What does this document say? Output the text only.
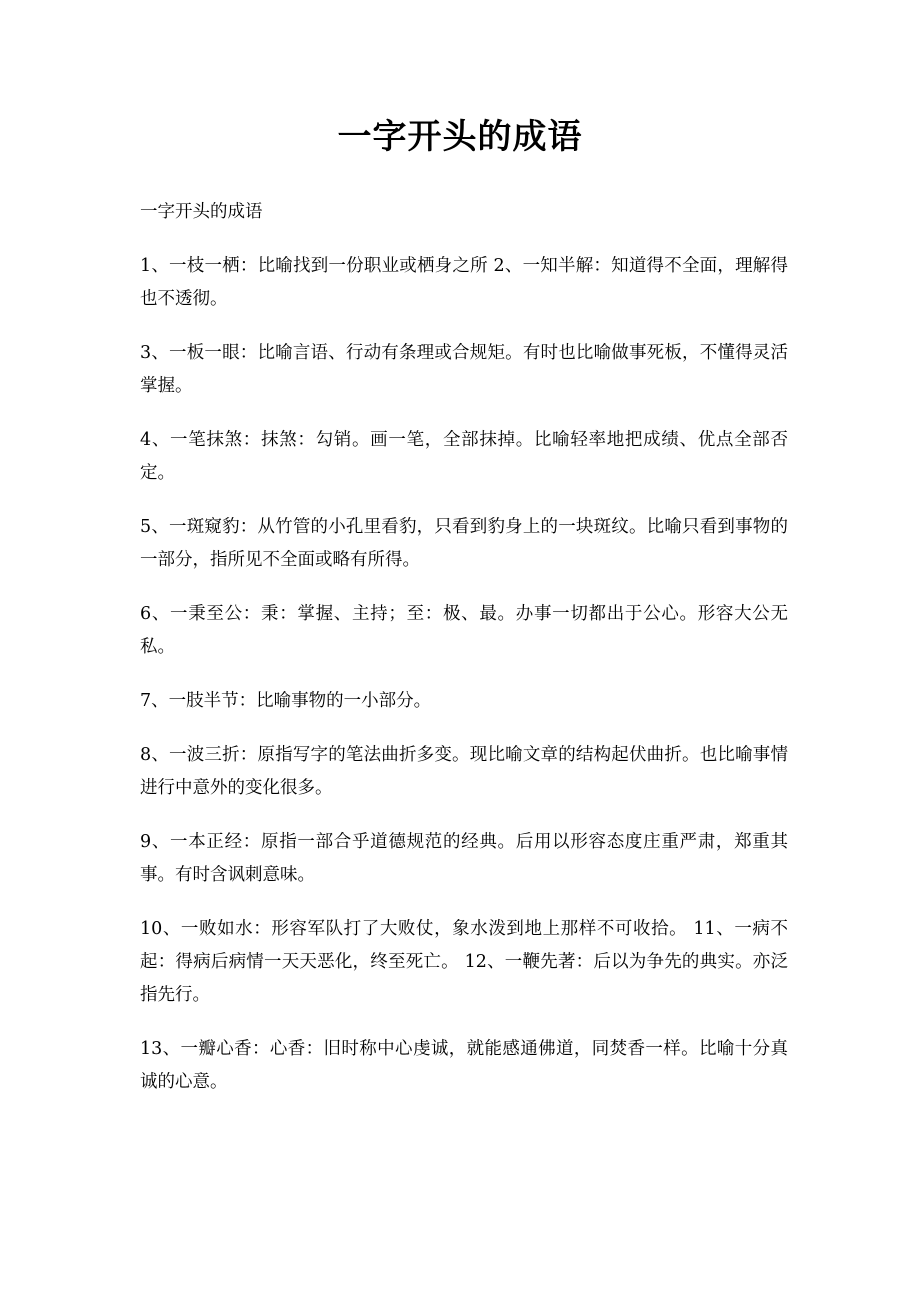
一字开头的成语

一字开头的成语

1、一枝一栖：比喻找到一份职业或栖身之所 2、一知半解：知道得不全面，理解得也不透彻。

3、一板一眼：比喻言语、行动有条理或合规矩。有时也比喻做事死板，不懂得灵活掌握。

4、一笔抹煞：抹煞：勾销。画一笔，全部抹掉。比喻轻率地把成绩、优点全部否定。

5、一斑窥豹：从竹管的小孔里看豹，只看到豹身上的一块斑纹。比喻只看到事物的一部分，指所见不全面或略有所得。

6、一秉至公：秉：掌握、主持；至：极、最。办事一切都出于公心。形容大公无私。

7、一肢半节：比喻事物的一小部分。

8、一波三折：原指写字的笔法曲折多变。现比喻文章的结构起伏曲折。也比喻事情进行中意外的变化很多。

9、一本正经：原指一部合乎道德规范的经典。后用以形容态度庄重严肃，郑重其事。有时含讽刺意味。

10、一败如水：形容军队打了大败仗，象水泼到地上那样不可收拾。 11、一病不起：得病后病情一天天恶化，终至死亡。 12、一鞭先著：后以为争先的典实。亦泛指先行。

13、一瓣心香：心香：旧时称中心虔诚，就能感通佛道，同焚香一样。比喻十分真诚的心意。
